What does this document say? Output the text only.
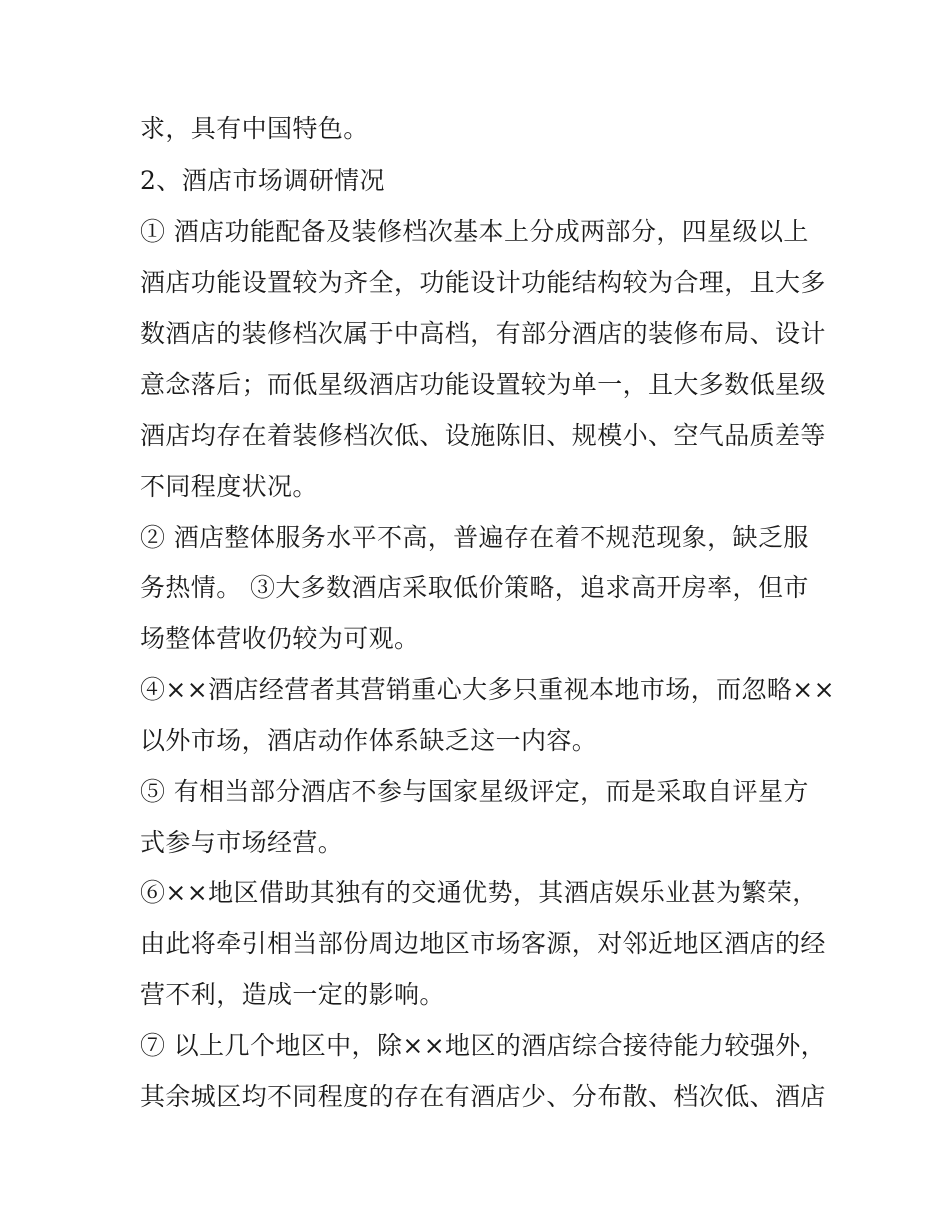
求，具有中国特色。
2、酒店市场调研情况
① 酒店功能配备及装修档次基本上分成两部分，四星级以上
酒店功能设置较为齐全，功能设计功能结构较为合理，且大多
数酒店的装修档次属于中高档，有部分酒店的装修布局、设计
意念落后；而低星级酒店功能设置较为单一，且大多数低星级
酒店均存在着装修档次低、设施陈旧、规模小、空气品质差等
不同程度状况。
② 酒店整体服务水平不高，普遍存在着不规范现象，缺乏服
务热情。 ③大多数酒店采取低价策略，追求高开房率，但市
场整体营收仍较为可观。
④××酒店经营者其营销重心大多只重视本地市场，而忽略××
以外市场，酒店动作体系缺乏这一内容。
⑤ 有相当部分酒店不参与国家星级评定，而是采取自评星方
式参与市场经营。
⑥××地区借助其独有的交通优势，其酒店娱乐业甚为繁荣，
由此将牵引相当部份周边地区市场客源，对邻近地区酒店的经
营不利，造成一定的影响。
⑦ 以上几个地区中，除××地区的酒店综合接待能力较强外，
其余城区均不同程度的存在有酒店少、分布散、档次低、酒店
